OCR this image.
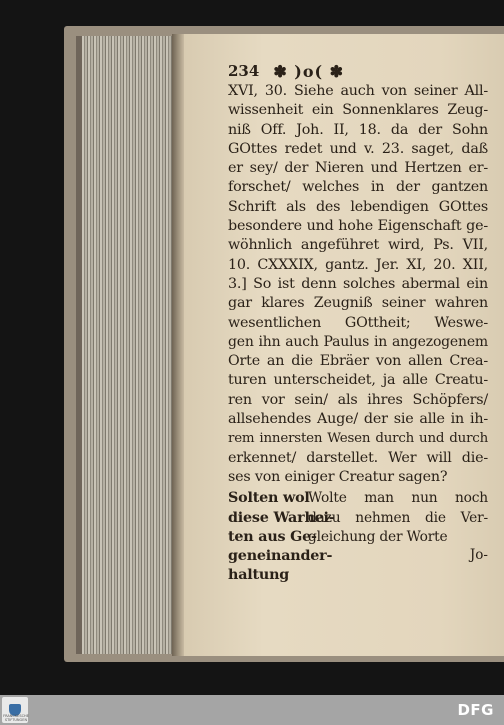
234 ✽ )o( ✽
XVI, 30. Siehe auch von seiner All-
wissenheit ein Sonnenklares Zeug-
niß Off. Joh. II, 18. da der Sohn
GOttes redet und v. 23. saget, daß
er sey/ der Nieren und Hertzen er-
forschet/ welches in der gantzen
Schrift als des lebendigen GOttes
besondere und hohe Eigenschaft ge-
wöhnlich angeführet wird, Ps. VII,
10. CXXXIX, gantz. Jer. XI, 20. XII,
3.] So ist denn solches abermal ein
gar klares Zeugniß seiner wahren
wesentlichen GOttheit; Weswe-
gen ihn auch Paulus in angezogenem
Orte an die Ebräer von allen Crea-
turen unterscheidet, ja alle Creatu-
ren vor sein/ als ihres Schöpfers/
allsehendes Auge/ der sie alle in ih-
rem innersten Wesen durch und durch
erkennet/ darstellet. Wer will die-
ses von einiger Creatur sagen?
Solten wol
diese Warhei-
ten aus Ge-
geneinander-
haltung
Wolte man nun noch
dazu nehmen die Ver-
gleichung der Worte
Jo-
FRANCKESCHE STIFTUNGEN
DFG
